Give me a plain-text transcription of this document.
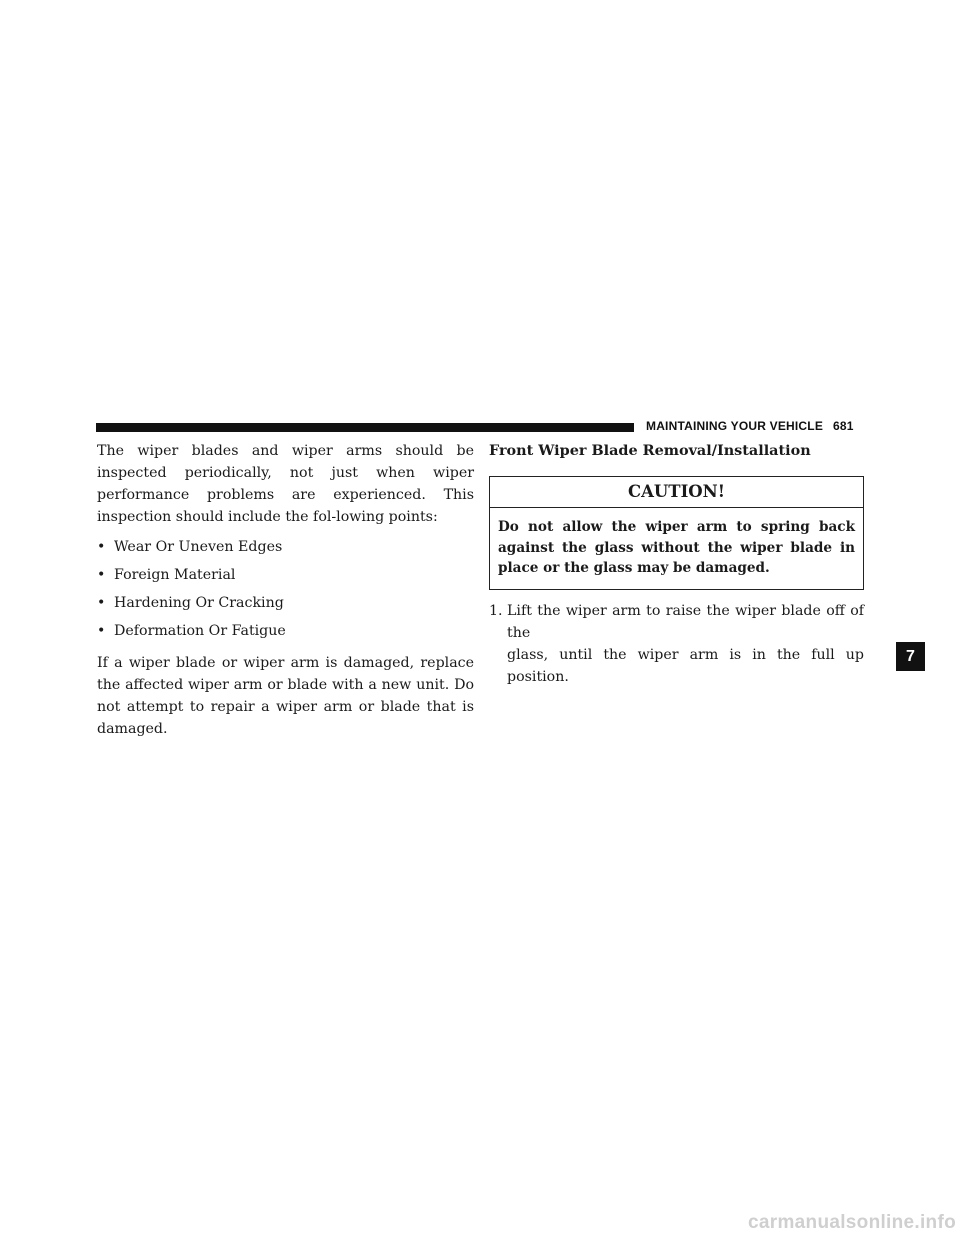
MAINTAINING YOUR VEHICLE 681

The wiper blades and wiper arms should be inspected periodically, not just when wiper performance problems are experienced. This inspection should include the fol-lowing points:

• Wear Or Uneven Edges
• Foreign Material
• Hardening Or Cracking
• Deformation Or Fatigue

If a wiper blade or wiper arm is damaged, replace the affected wiper arm or blade with a new unit. Do not attempt to repair a wiper arm or blade that is damaged.

Front Wiper Blade Removal/Installation
CAUTION!
Do not allow the wiper arm to spring back against the glass without the wiper blade in place or the glass may be damaged.
1. Lift the wiper arm to raise the wiper blade off of the
glass, until the wiper arm is in the full up position.
7
carmanualsonline.info
